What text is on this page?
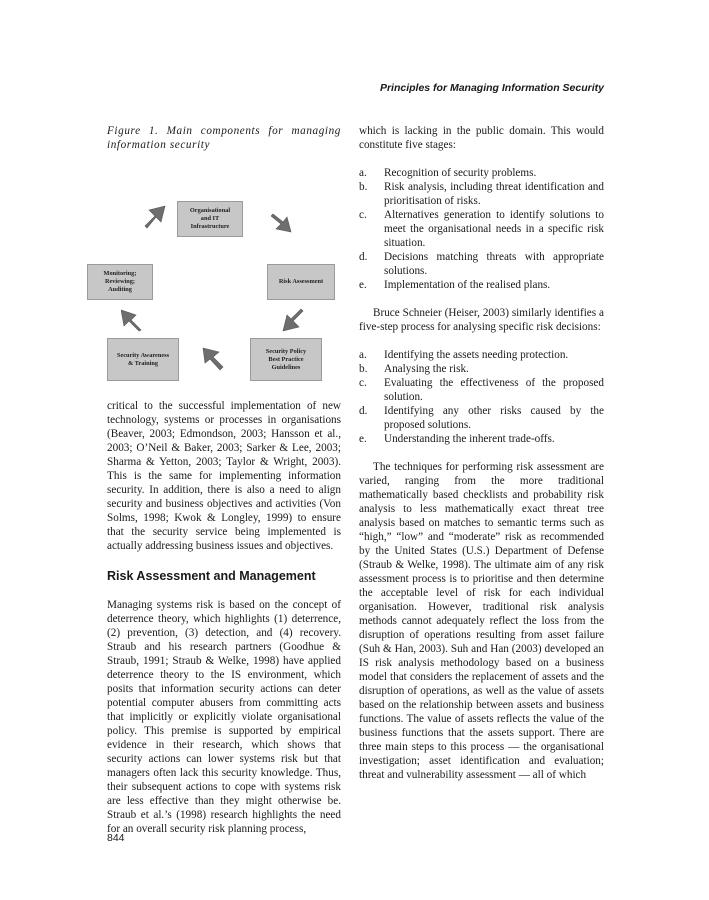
Principles for Managing Information Security

Figure 1. Main components for managing information security

Organisational
and IT
Infrastructure
Risk Assessment
Security Policy
Best Practice
Guidelines
Security Awareness
& Training
Monitoring;
Reviewing;
Auditing

critical to the successful implementation of new technology, systems or processes in organisations (Beaver, 2003; Edmondson, 2003; Hansson et al., 2003; O’Neil & Baker, 2003; Sarker & Lee, 2003; Sharma & Yetton, 2003; Taylor & Wright, 2003). This is the same for implementing information security. In addition, there is also a need to align security and business objectives and activities (Von Solms, 1998; Kwok & Longley, 1999) to ensure that the security service being implemented is actually addressing business issues and objectives.

Risk Assessment and Management

Managing systems risk is based on the concept of deterrence theory, which highlights (1) deterrence, (2) prevention, (3) detection, and (4) recovery. Straub and his research partners (Goodhue & Straub, 1991; Straub & Welke, 1998) have applied deterrence theory to the IS environment, which posits that information security actions can deter potential computer abusers from committing acts that implicitly or explicitly violate organisational policy. This premise is supported by empirical evidence in their research, which shows that security actions can lower systems risk but that managers often lack this security knowledge. Thus, their subsequent actions to cope with systems risk are less effective than they might otherwise be. Straub et al.’s (1998) research highlights the need for an overall security risk planning process,

which is lacking in the public domain. This would constitute five stages:

a. Recognition of security problems.
b. Risk analysis, including threat identification and prioritisation of risks.
c. Alternatives generation to identify solutions to meet the organisational needs in a specific risk situation.
d. Decisions matching threats with appropriate solutions.
e. Implementation of the realised plans.

Bruce Schneier (Heiser, 2003) similarly identifies a five-step process for analysing specific risk decisions:

a. Identifying the assets needing protection.
b. Analysing the risk.
c. Evaluating the effectiveness of the proposed solution.
d. Identifying any other risks caused by the proposed solutions.
e. Understanding the inherent trade-offs.

The techniques for performing risk assessment are varied, ranging from the more traditional mathematically based checklists and probability risk analysis to less mathematically exact threat tree analysis based on matches to semantic terms such as “high,” “low” and “moderate” risk as recommended by the United States (U.S.) Department of Defense (Straub & Welke, 1998). The ultimate aim of any risk assessment process is to prioritise and then determine the acceptable level of risk for each individual organisation. However, traditional risk analysis methods cannot adequately reflect the loss from the disruption of operations resulting from asset failure (Suh & Han, 2003). Suh and Han (2003) developed an IS risk analysis methodology based on a business model that considers the replacement of assets and the disruption of operations, as well as the value of assets based on the relationship between assets and business functions. The value of assets reflects the value of the business functions that the assets support. There are three main steps to this process — the organisational investigation; asset identification and evaluation; threat and vulnerability assessment — all of which

844
